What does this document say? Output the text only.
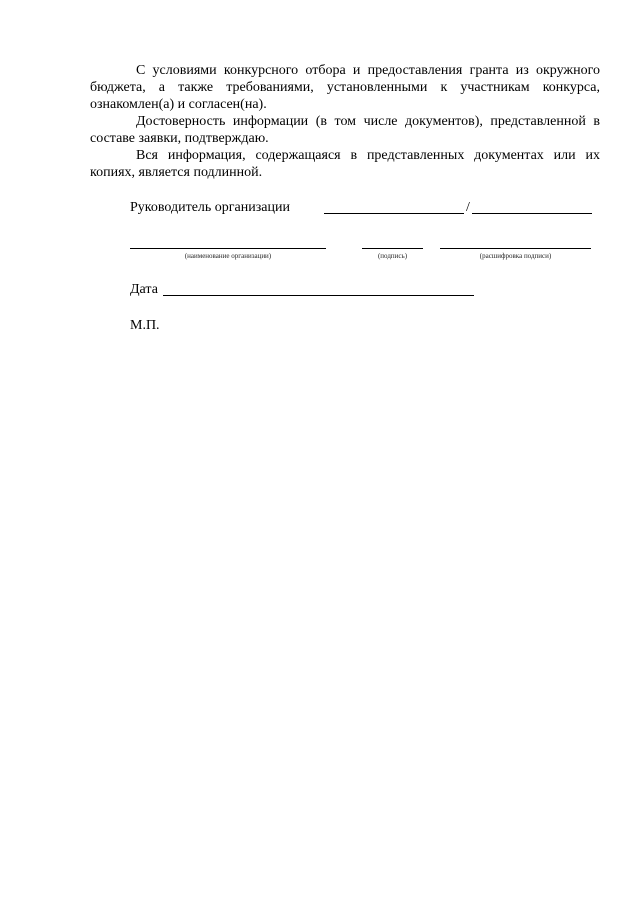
С условиями конкурсного отбора и предоставления гранта из окружного бюджета, а также требованиями, установленными к участникам конкурса, ознакомлен(а) и согласен(на).
Достоверность информации (в том числе документов), представленной в составе заявки, подтверждаю.
Вся информация, содержащаяся в представленных документах или их копиях, является подлинной.
Руководитель организации	/
(наименование организации)	(подпись)	(расшифровка подписи)
Дата
М.П.
